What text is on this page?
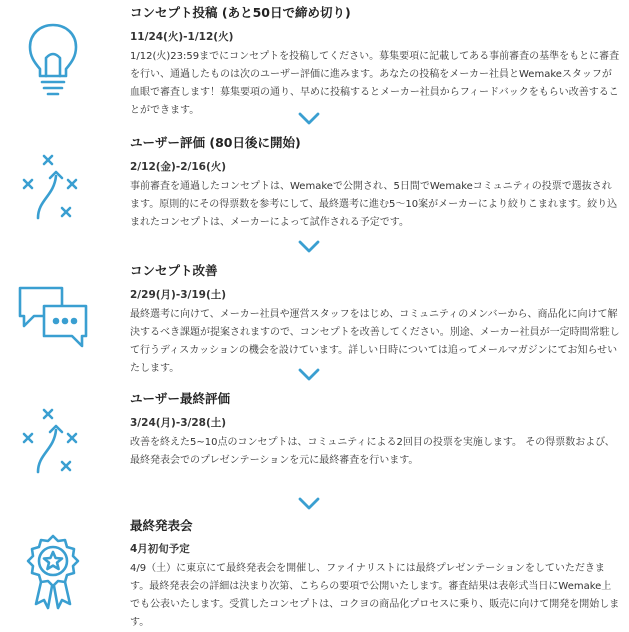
コンセプト投稿 (あと50日で締め切り)
11/24(火)-1/12(火)
1/12(火)23:59までにコンセプトを投稿してください。募集要項に記載してある事前審査の基準をもとに審査を行い、通過したものは次のユーザー評価に進みます。あなたの投稿をメーカー社員とWemakeスタッフが血眼で審査します！募集要項の通り、早めに投稿するとメーカー社員からフィードバックをもらい改善することができます。
ユーザー評価 (80日後に開始)
2/12(金)-2/16(火)
事前審査を通過したコンセプトは、Wemakeで公開され、5日間でWemakeコミュニティの投票で選抜されます。原則的にその得票数を参考にして、最終選考に進む5～10案がメーカーにより絞りこまれます。絞り込まれたコンセプトは、メーカーによって試作される予定です。
コンセプト改善
2/29(月)-3/19(土)
最終選考に向けて、メーカー社員や運営スタッフをはじめ、コミュニティのメンバーから、商品化に向けて解決するべき課題が提案されますので、コンセプトを改善してください。別途、メーカー社員が一定時間常駐して行うディスカッションの機会を設けています。詳しい日時については追ってメールマガジンにてお知らせいたします。
ユーザー最終評価
3/24(月)-3/28(土)
改善を終えた5~10点のコンセプトは、コミュニティによる2回目の投票を実施します。 その得票数および、最終発表会でのプレゼンテーションを元に最終審査を行います。
最終発表会
4月初旬予定
4/9（土）に東京にて最終発表会を開催し、ファイナリストには最終プレゼンテーションをしていただきます。最終発表会の詳細は決まり次第、こちらの要項で公開いたします。審査結果は表彰式当日にWemake上でも公表いたします。受賞したコンセプトは、コクヨの商品化プロセスに乗り、販売に向けて開発を開始します。
